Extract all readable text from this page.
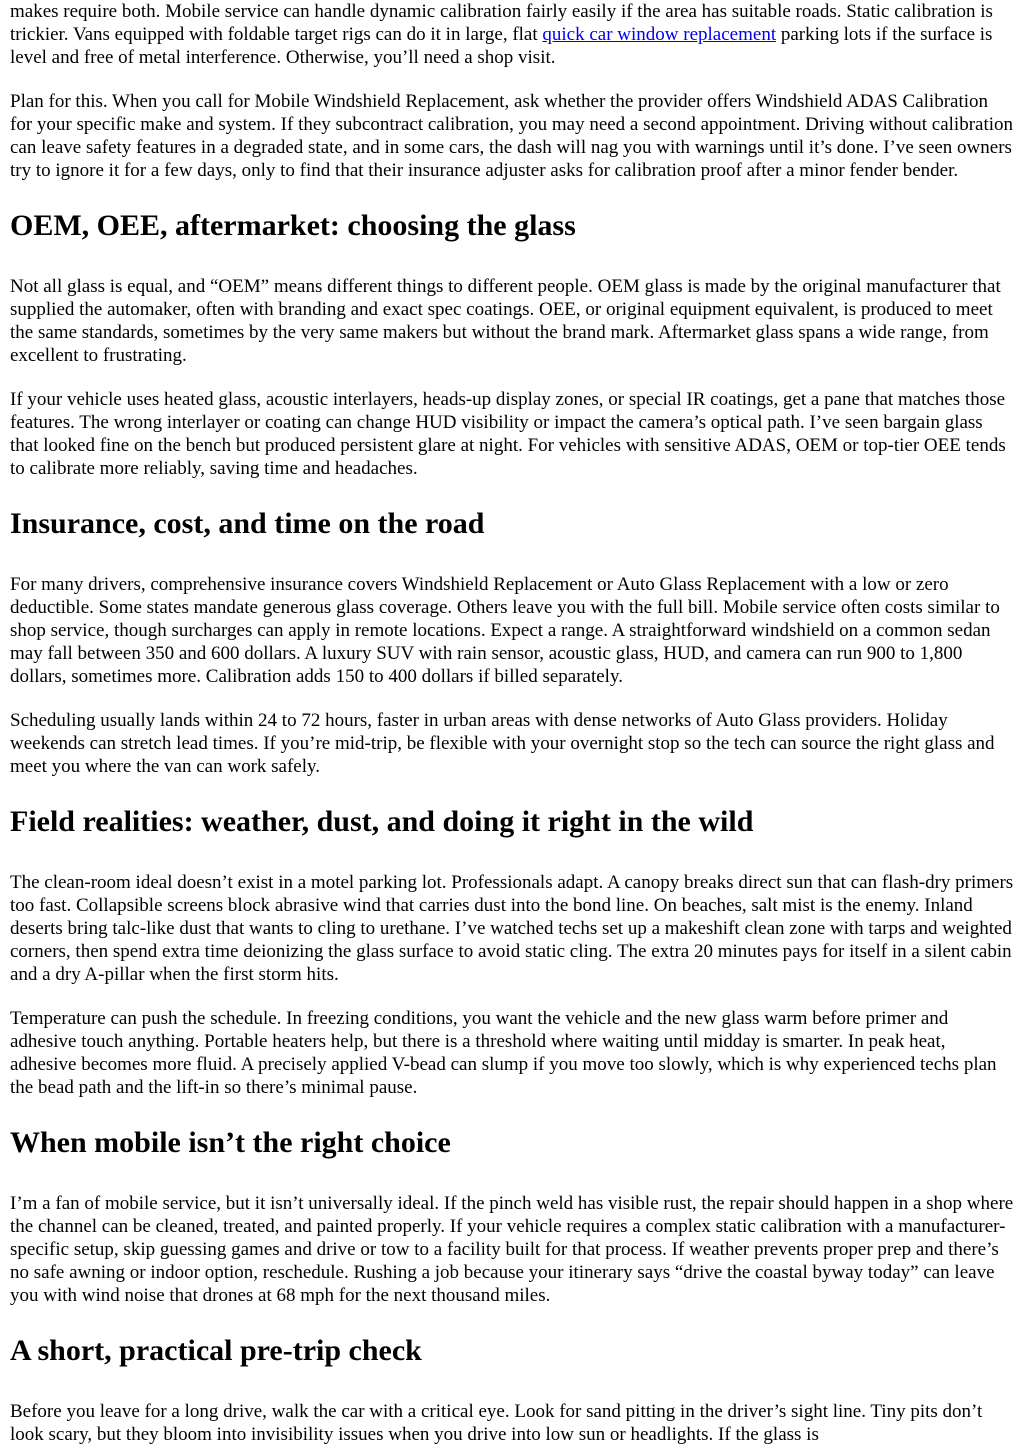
makes require both. Mobile service can handle dynamic calibration fairly easily if the area has suitable roads. Static calibration is trickier. Vans equipped with foldable target rigs can do it in large, flat quick car window replacement parking lots if the surface is level and free of metal interference. Otherwise, you’ll need a shop visit.

Plan for this. When you call for Mobile Windshield Replacement, ask whether the provider offers Windshield ADAS Calibration for your specific make and system. If they subcontract calibration, you may need a second appointment. Driving without calibration can leave safety features in a degraded state, and in some cars, the dash will nag you with warnings until it’s done. I’ve seen owners try to ignore it for a few days, only to find that their insurance adjuster asks for calibration proof after a minor fender bender.

OEM, OEE, aftermarket: choosing the glass

Not all glass is equal, and “OEM” means different things to different people. OEM glass is made by the original manufacturer that supplied the automaker, often with branding and exact spec coatings. OEE, or original equipment equivalent, is produced to meet the same standards, sometimes by the very same makers but without the brand mark. Aftermarket glass spans a wide range, from excellent to frustrating.

If your vehicle uses heated glass, acoustic interlayers, heads-up display zones, or special IR coatings, get a pane that matches those features. The wrong interlayer or coating can change HUD visibility or impact the camera’s optical path. I’ve seen bargain glass that looked fine on the bench but produced persistent glare at night. For vehicles with sensitive ADAS, OEM or top-tier OEE tends to calibrate more reliably, saving time and headaches.

Insurance, cost, and time on the road

For many drivers, comprehensive insurance covers Windshield Replacement or Auto Glass Replacement with a low or zero deductible. Some states mandate generous glass coverage. Others leave you with the full bill. Mobile service often costs similar to shop service, though surcharges can apply in remote locations. Expect a range. A straightforward windshield on a common sedan may fall between 350 and 600 dollars. A luxury SUV with rain sensor, acoustic glass, HUD, and camera can run 900 to 1,800 dollars, sometimes more. Calibration adds 150 to 400 dollars if billed separately.

Scheduling usually lands within 24 to 72 hours, faster in urban areas with dense networks of Auto Glass providers. Holiday weekends can stretch lead times. If you’re mid-trip, be flexible with your overnight stop so the tech can source the right glass and meet you where the van can work safely.

Field realities: weather, dust, and doing it right in the wild

The clean-room ideal doesn’t exist in a motel parking lot. Professionals adapt. A canopy breaks direct sun that can flash-dry primers too fast. Collapsible screens block abrasive wind that carries dust into the bond line. On beaches, salt mist is the enemy. Inland deserts bring talc-like dust that wants to cling to urethane. I’ve watched techs set up a makeshift clean zone with tarps and weighted corners, then spend extra time deionizing the glass surface to avoid static cling. The extra 20 minutes pays for itself in a silent cabin and a dry A-pillar when the first storm hits.

Temperature can push the schedule. In freezing conditions, you want the vehicle and the new glass warm before primer and adhesive touch anything. Portable heaters help, but there is a threshold where waiting until midday is smarter. In peak heat, adhesive becomes more fluid. A precisely applied V-bead can slump if you move too slowly, which is why experienced techs plan the bead path and the lift-in so there’s minimal pause.

When mobile isn’t the right choice

I’m a fan of mobile service, but it isn’t universally ideal. If the pinch weld has visible rust, the repair should happen in a shop where the channel can be cleaned, treated, and painted properly. If your vehicle requires a complex static calibration with a manufacturer-specific setup, skip guessing games and drive or tow to a facility built for that process. If weather prevents proper prep and there’s no safe awning or indoor option, reschedule. Rushing a job because your itinerary says “drive the coastal byway today” can leave you with wind noise that drones at 68 mph for the next thousand miles.

A short, practical pre-trip check

Before you leave for a long drive, walk the car with a critical eye. Look for sand pitting in the driver’s sight line. Tiny pits don’t look scary, but they bloom into invisibility issues when you drive into low sun or headlights. If the glass is
